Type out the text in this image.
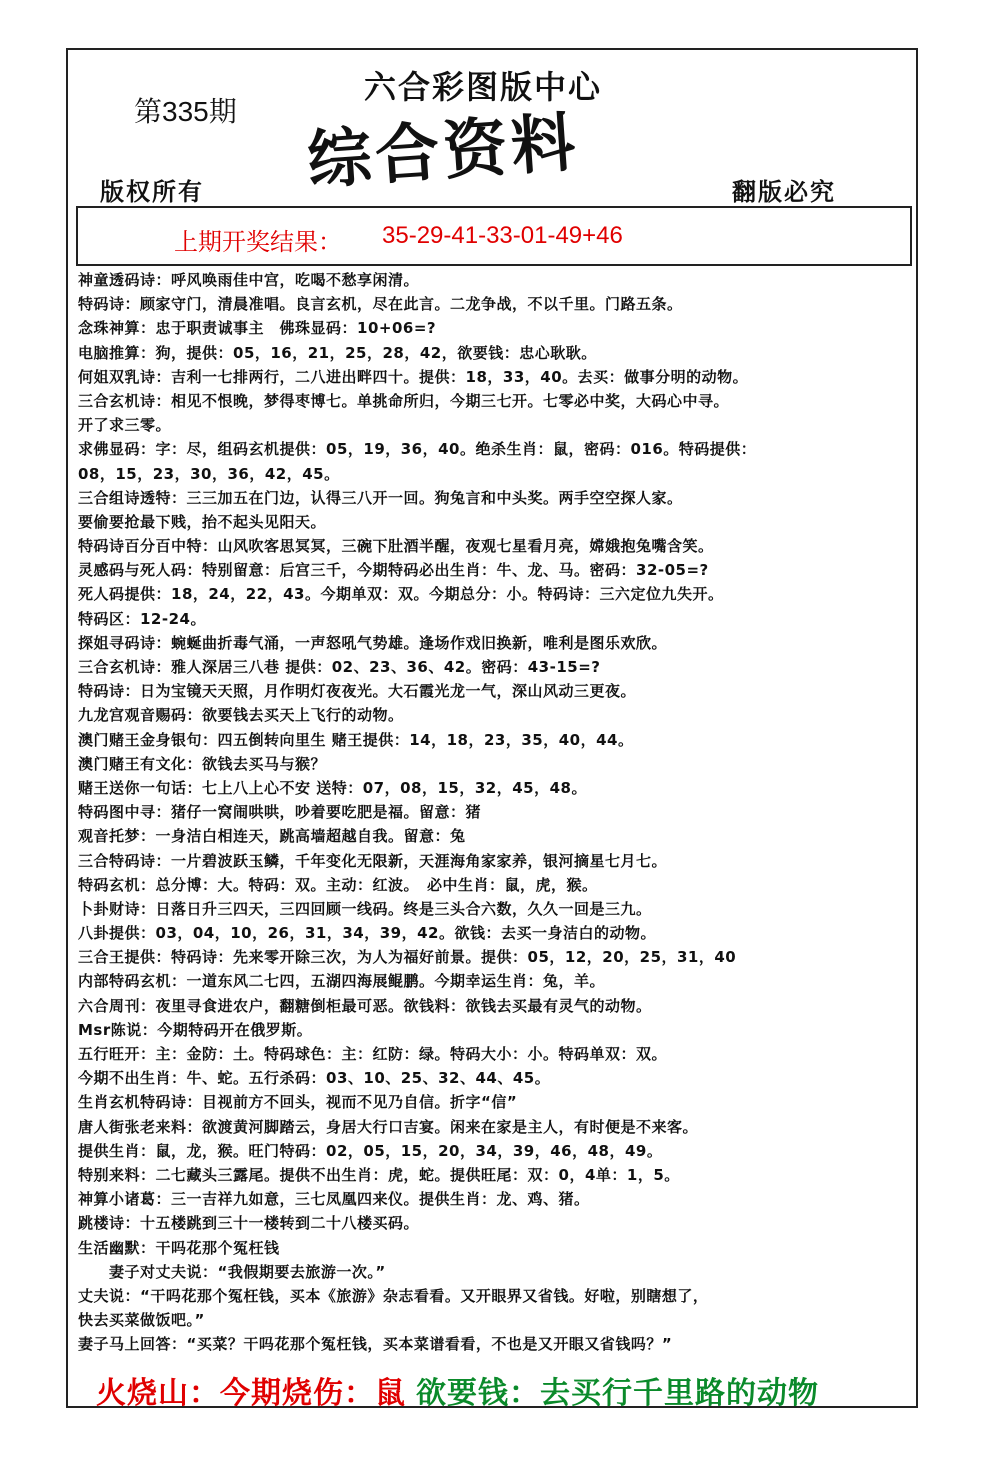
第335期
六合彩图版中心
综合资料
版权所有	翻版必究
上期开奖结果： 35-29-41-33-01-49+46
神童透码诗：呼风唤雨佳中宫，吃喝不愁享闲清。
特码诗：顾家守门，清晨准唱。良言玄机，尽在此言。二龙争战，不以千里。门路五条。
念珠神算：忠于职责诚事主　佛珠显码：10+06=?
电脑推算：狗，提供：05，16，21，25，28，42，欲要钱：忠心耿耿。
何姐双乳诗：吉利一七排两行，二八进出畔四十。提供：18，33，40。去买：做事分明的动物。
三合玄机诗：相见不恨晚，梦得枣博七。单挑命所归，今期三七开。七零必中奖，大码心中寻。
开了求三零。
求佛显码：字：尽，组码玄机提供：05，19，36，40。绝杀生肖：鼠，密码：016。特码提供：
08，15，23，30，36，42，45。
三合组诗透特：三三加五在门边，认得三八开一回。狗兔言和中头奖。两手空空探人家。
要偷要抢最下贱，抬不起头见阳天。
特码诗百分百中特：山风吹客思冥冥，三碗下肚酒半醒，夜观七星看月亮，嫦娥抱兔嘴含笑。
灵感码与死人码：特别留意：后宫三千，今期特码必出生肖：牛、龙、马。密码：32-05=?
死人码提供：18，24，22，43。今期单双：双。今期总分：小。特码诗：三六定位九失开。
特码区：12-24。
探姐寻码诗：蜿蜒曲折毒气涌，一声怒吼气势雄。逢场作戏旧换新，唯利是图乐欢欣。
三合玄机诗：雅人深居三八巷 提供：02、23、36、42。密码：43-15=?
特码诗：日为宝镜天天照，月作明灯夜夜光。大石霞光龙一气，深山风动三更夜。
九龙宫观音赐码：欲要钱去买天上飞行的动物。
澳门赌王金身银句：四五倒转向里生 赌王提供：14，18，23，35，40，44。
澳门赌王有文化：欲钱去买马与猴？
赌王送你一句话：七上八上心不安 送特：07，08，15，32，45，48。
特码图中寻：猪仔一窝闹哄哄，吵着要吃肥是福。留意：猪
观音托梦：一身洁白相连天，跳高墙超越自我。留意：兔
三合特码诗：一片碧波跃玉鳞，千年变化无限新，天涯海角家家养，银河摘星七月七。
特码玄机：总分博：大。特码：双。主动：红波。　必中生肖：鼠，虎，猴。
卜卦财诗：日落日升三四天，三四回顾一线码。终是三头合六数，久久一回是三九。
八卦提供：03，04，10，26，31，34，39，42。欲钱：去买一身洁白的动物。
三合王提供：特码诗：先来零开除三次，为人为福好前景。提供：05，12，20，25，31，40
内部特码玄机：一道东风二七四，五湖四海展鲲鹏。今期幸运生肖：兔，羊。
六合周刊：夜里寻食进农户，翻糖倒柜最可恶。欲钱料：欲钱去买最有灵气的动物。
Msr陈说：今期特码开在俄罗斯。
五行旺开：主：金防：土。特码球色：主：红防：绿。特码大小：小。特码单双：双。
今期不出生肖：牛、蛇。五行杀码：03、10、25、32、44、45。
生肖玄机特码诗：目视前方不回头，视而不见乃自信。折字“信”
唐人街张老来料：欲渡黄河脚踏云，身居大行口吉宴。闲来在家是主人，有时便是不来客。
提供生肖：鼠，龙，猴。旺门特码：02，05，15，20，34，39，46，48，49。
特别来料：二七藏头三露尾。提供不出生肖：虎，蛇。提供旺尾：双：0，4单：1，5。
神算小诸葛：三一吉祥九如意，三七凤凰四来仪。提供生肖：龙、鸡、猪。
跳楼诗：十五楼跳到三十一楼转到二十八楼买码。
生活幽默：干吗花那个冤枉钱
　　妻子对丈夫说：“我假期要去旅游一次。”
丈夫说：“干吗花那个冤枉钱，买本《旅游》杂志看看。又开眼界又省钱。好啦，别瞎想了，
快去买菜做饭吧。”
妻子马上回答：“买菜？干吗花那个冤枉钱，买本菜谱看看，不也是又开眼又省钱吗？”
火烧山：今期烧伤：鼠 欲要钱：去买行千里路的动物
